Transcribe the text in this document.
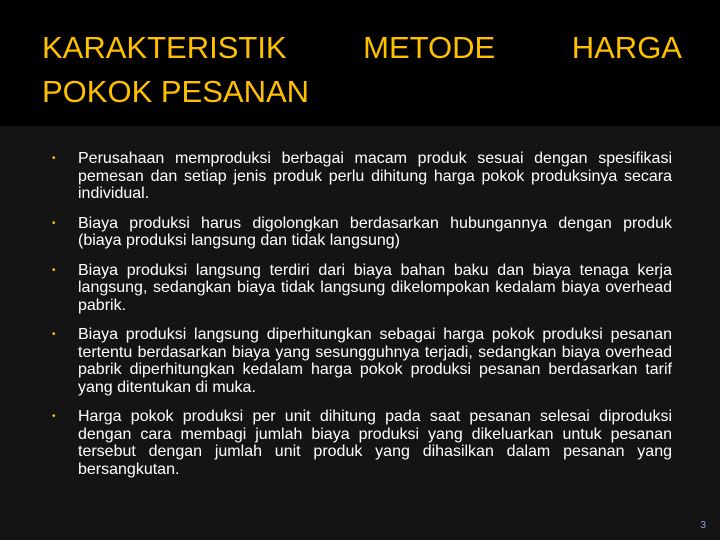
KARAKTERISTIK METODE HARGA
POKOK PESANAN
• Perusahaan memproduksi berbagai macam produk sesuai dengan spesifikasi pemesan dan setiap jenis produk perlu dihitung harga pokok produksinya secara individual.
• Biaya produksi harus digolongkan berdasarkan hubungannya dengan produk (biaya produksi langsung dan tidak langsung)
• Biaya produksi langsung terdiri dari biaya bahan baku dan biaya tenaga kerja langsung, sedangkan biaya tidak langsung dikelompokan kedalam biaya overhead pabrik.
• Biaya produksi langsung diperhitungkan sebagai harga pokok produksi pesanan tertentu berdasarkan biaya yang sesungguhnya terjadi, sedangkan biaya overhead pabrik diperhitungkan kedalam harga pokok produksi pesanan berdasarkan tarif yang ditentukan di muka.
• Harga pokok produksi per unit dihitung pada saat pesanan selesai diproduksi dengan cara membagi jumlah biaya produksi yang dikeluarkan untuk pesanan tersebut dengan jumlah unit produk yang dihasilkan dalam pesanan yang bersangkutan.
3
